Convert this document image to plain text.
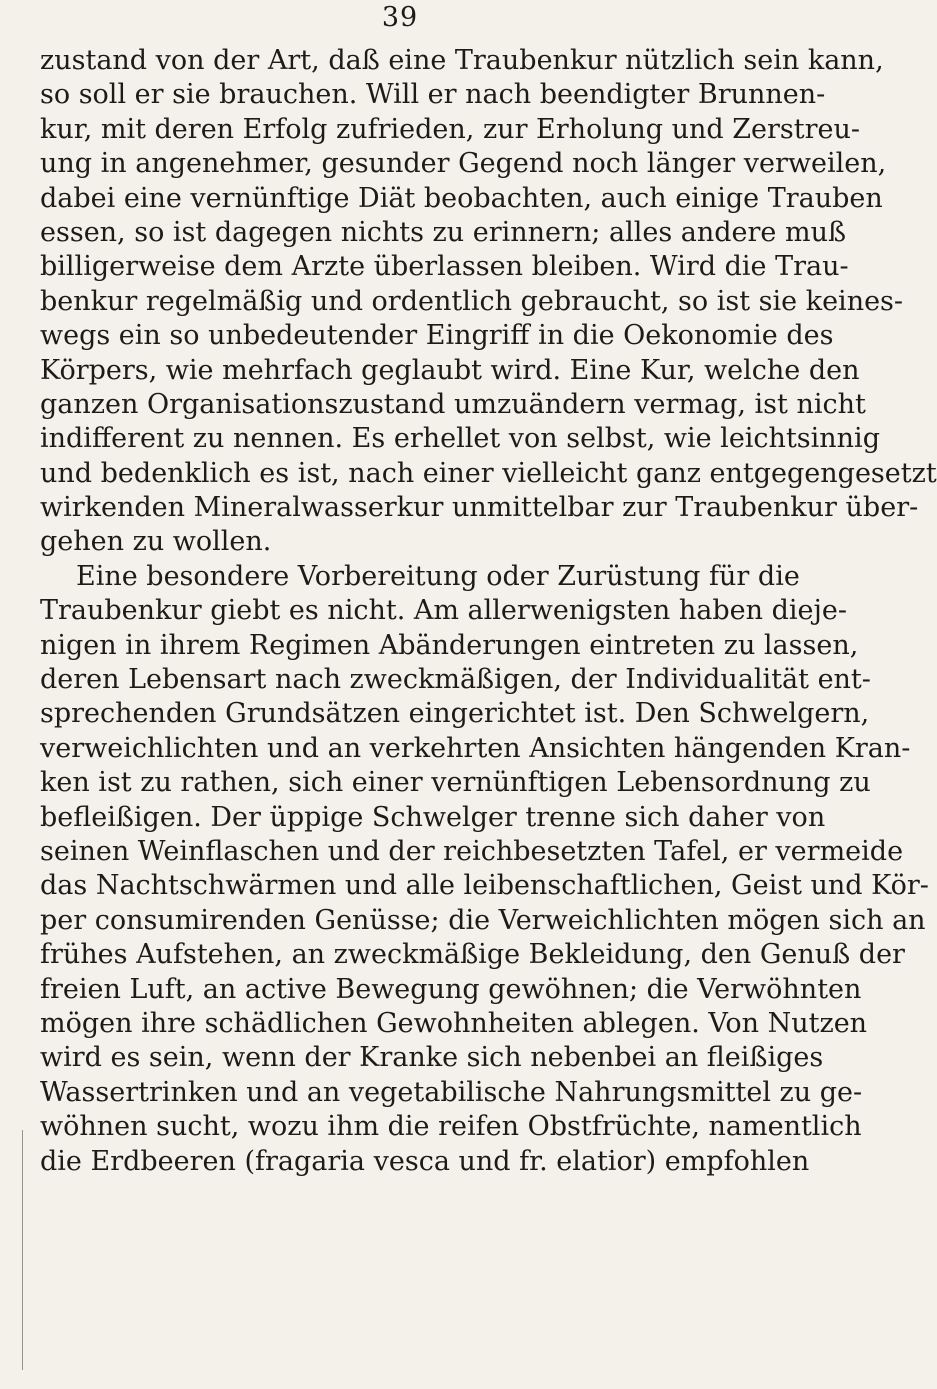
39
zustand von der Art, daß eine Traubenkur nützlich sein kann,
so soll er sie brauchen. Will er nach beendigter Brunnen-
kur, mit deren Erfolg zufrieden, zur Erholung und Zerstreu-
ung in angenehmer, gesunder Gegend noch länger verweilen,
dabei eine vernünftige Diät beobachten, auch einige Trauben
essen, so ist dagegen nichts zu erinnern; alles andere muß
billigerweise dem Arzte überlassen bleiben. Wird die Trau-
benkur regelmäßig und ordentlich gebraucht, so ist sie keines-
wegs ein so unbedeutender Eingriff in die Oekonomie des
Körpers, wie mehrfach geglaubt wird. Eine Kur, welche den
ganzen Organisationszustand umzuändern vermag, ist nicht
indifferent zu nennen. Es erhellet von selbst, wie leichtsinnig
und bedenklich es ist, nach einer vielleicht ganz entgegengesetzt
wirkenden Mineralwasserkur unmittelbar zur Traubenkur über-
gehen zu wollen.
Eine besondere Vorbereitung oder Zurüstung für die
Traubenkur giebt es nicht. Am allerwenigsten haben dieje-
nigen in ihrem Regimen Abänderungen eintreten zu lassen,
deren Lebensart nach zweckmäßigen, der Individualität ent-
sprechenden Grundsätzen eingerichtet ist. Den Schwelgern,
verweichlichten und an verkehrten Ansichten hängenden Kran-
ken ist zu rathen, sich einer vernünftigen Lebensordnung zu
befleißigen. Der üppige Schwelger trenne sich daher von
seinen Weinflaschen und der reichbesetzten Tafel, er vermeide
das Nachtschwärmen und alle leibenschaftlichen, Geist und Kör-
per consumirenden Genüsse; die Verweichlichten mögen sich an
frühes Aufstehen, an zweckmäßige Bekleidung, den Genuß der
freien Luft, an active Bewegung gewöhnen; die Verwöhnten
mögen ihre schädlichen Gewohnheiten ablegen. Von Nutzen
wird es sein, wenn der Kranke sich nebenbei an fleißiges
Wassertrinken und an vegetabilische Nahrungsmittel zu ge-
wöhnen sucht, wozu ihm die reifen Obstfrüchte, namentlich
die Erdbeeren (fragaria vesca und fr. elatior) empfohlen
